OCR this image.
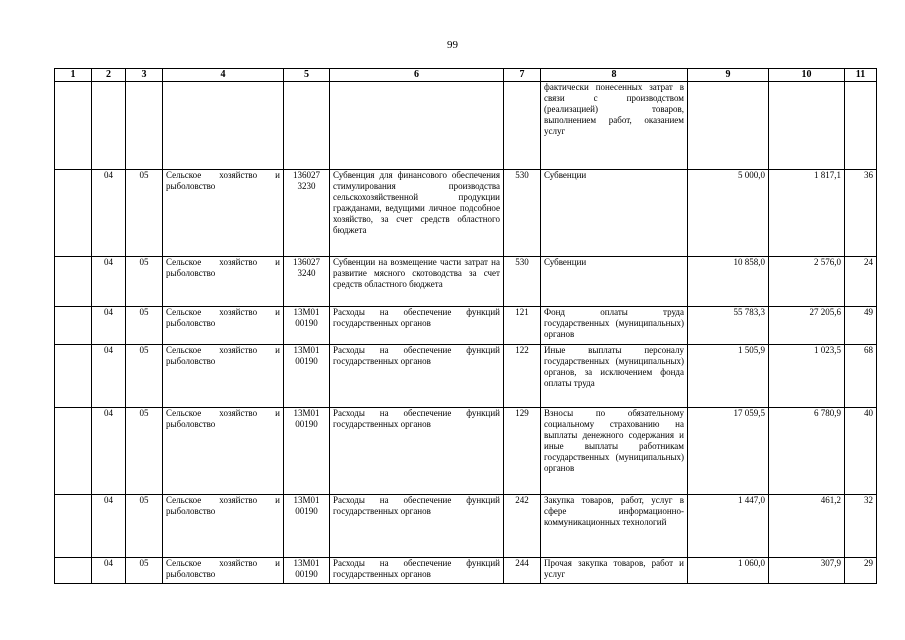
99
1	2	3	4	5	6	7	8	9	10	11
							фактически понесенных затрат в связи с производством (реализацией) товаров, выполнением работ, оказанием услуг			
	04	05	Сельское хозяйство и рыболовство	136027 3230	Субвенция для финансового обеспечения стимулирования производства сельскохозяйственной продукции гражданами, ведущими личное подсобное хозяйство, за счет средств областного бюджета	530	Субвенции	5 000,0	1 817,1	36
	04	05	Сельское хозяйство и рыболовство	136027 3240	Субвенции на возмещение части затрат на развитие мясного скотоводства за счет средств областного бюджета	530	Субвенции	10 858,0	2 576,0	24
	04	05	Сельское хозяйство и рыболовство	13М01 00190	Расходы на обеспечение функций государственных органов	121	Фонд оплаты труда государственных (муниципальных) органов	55 783,3	27 205,6	49
	04	05	Сельское хозяйство и рыболовство	13М01 00190	Расходы на обеспечение функций государственных органов	122	Иные выплаты персоналу государственных (муниципальных) органов, за исключением фонда оплаты труда	1 505,9	1 023,5	68
	04	05	Сельское хозяйство и рыболовство	13М01 00190	Расходы на обеспечение функций государственных органов	129	Взносы по обязательному социальному страхованию на выплаты денежного содержания и иные выплаты работникам государственных (муниципальных) органов	17 059,5	6 780,9	40
	04	05	Сельское хозяйство и рыболовство	13М01 00190	Расходы на обеспечение функций государственных органов	242	Закупка товаров, работ, услуг в сфере информационно-коммуникационных технологий	1 447,0	461,2	32
	04	05	Сельское хозяйство и рыболовство	13М01 00190	Расходы на обеспечение функций государственных органов	244	Прочая закупка товаров, работ и услуг	1 060,0	307,9	29
